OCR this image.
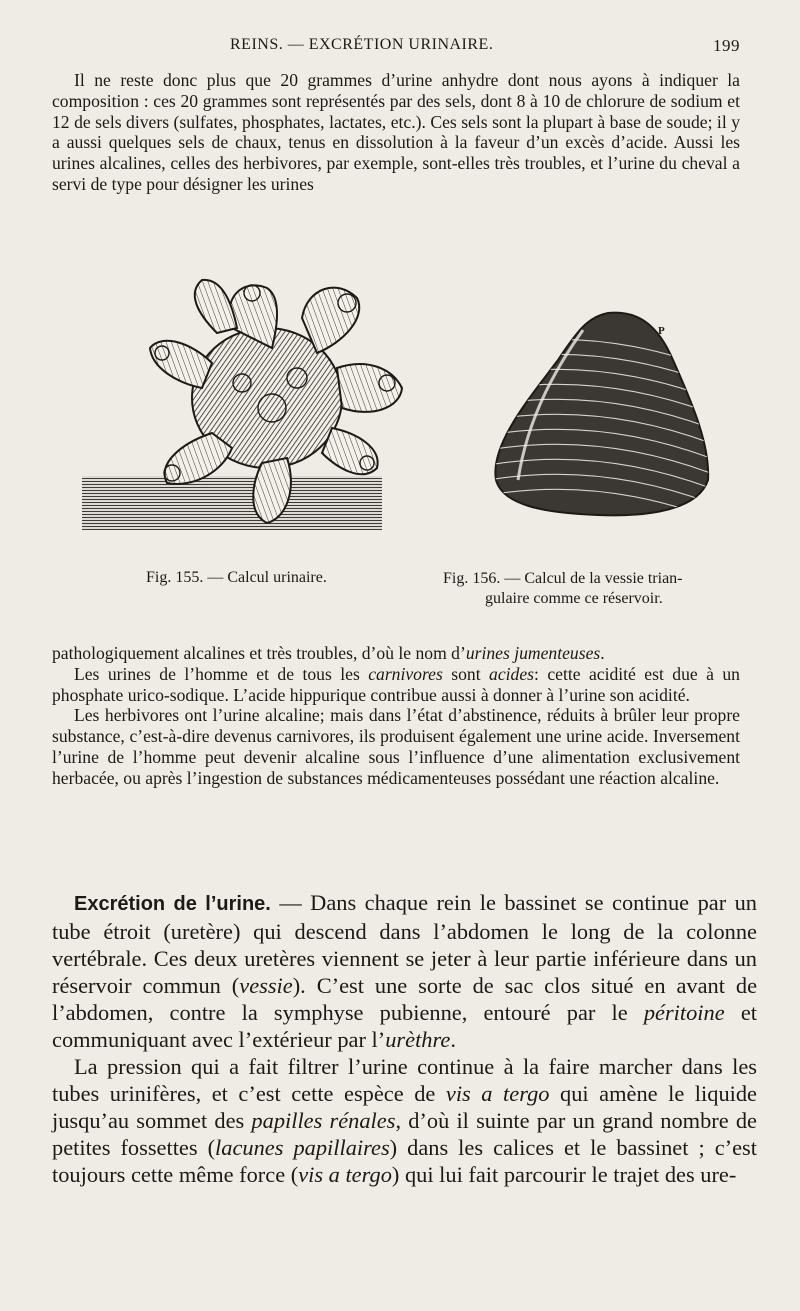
REINS. — EXCRÉTION URINAIRE.	199

Il ne reste donc plus que 20 grammes d’urine anhydre dont nous ayons à indiquer la composition : ces 20 grammes sont représentés par des sels, dont 8 à 10 de chlorure de sodium et 12 de sels divers (sulfates, phosphates, lactates, etc.). Ces sels sont la plupart à base de soude; il y a aussi quelques sels de chaux, tenus en dissolution à la faveur d’un excès d’acide. Aussi les urines alcalines, celles des herbivores, par exemple, sont-elles très troubles, et l’urine du cheval a servi de type pour désigner les urines

P
Fig. 155. — Calcul urinaire.	Fig. 156. — Calcul de la vessie trian-
gulaire comme ce réservoir.

pathologiquement alcalines et très troubles, d’où le nom d’urines jumenteuses.

Les urines de l’homme et de tous les carnivores sont acides: cette acidité est due à un phosphate urico-sodique. L’acide hippurique contribue aussi à donner à l’urine son acidité.

Les herbivores ont l’urine alcaline; mais dans l’état d’abstinence, réduits à brûler leur propre substance, c’est-à-dire devenus carnivores, ils produisent également une urine acide. Inversement l’urine de l’homme peut devenir alcaline sous l’influence d’une alimentation exclusivement herbacée, ou après l’ingestion de substances médicamenteuses possédant une réaction alcaline.

Excrétion de l’urine. — Dans chaque rein le bassinet se continue par un tube étroit (uretère) qui descend dans l’abdomen le long de la colonne vertébrale. Ces deux uretères viennent se jeter à leur partie inférieure dans un réservoir commun (vessie). C’est une sorte de sac clos situé en avant de l’abdomen, contre la symphyse pubienne, entouré par le péritoine et communiquant avec l’extérieur par l’urèthre.

La pression qui a fait filtrer l’urine continue à la faire marcher dans les tubes urinifères, et c’est cette espèce de vis a tergo qui amène le liquide jusqu’au sommet des papilles rénales, d’où il suinte par un grand nombre de petites fossettes (lacunes papillaires) dans les calices et le bassinet ; c’est toujours cette même force (vis a tergo) qui lui fait parcourir le trajet des ure-
